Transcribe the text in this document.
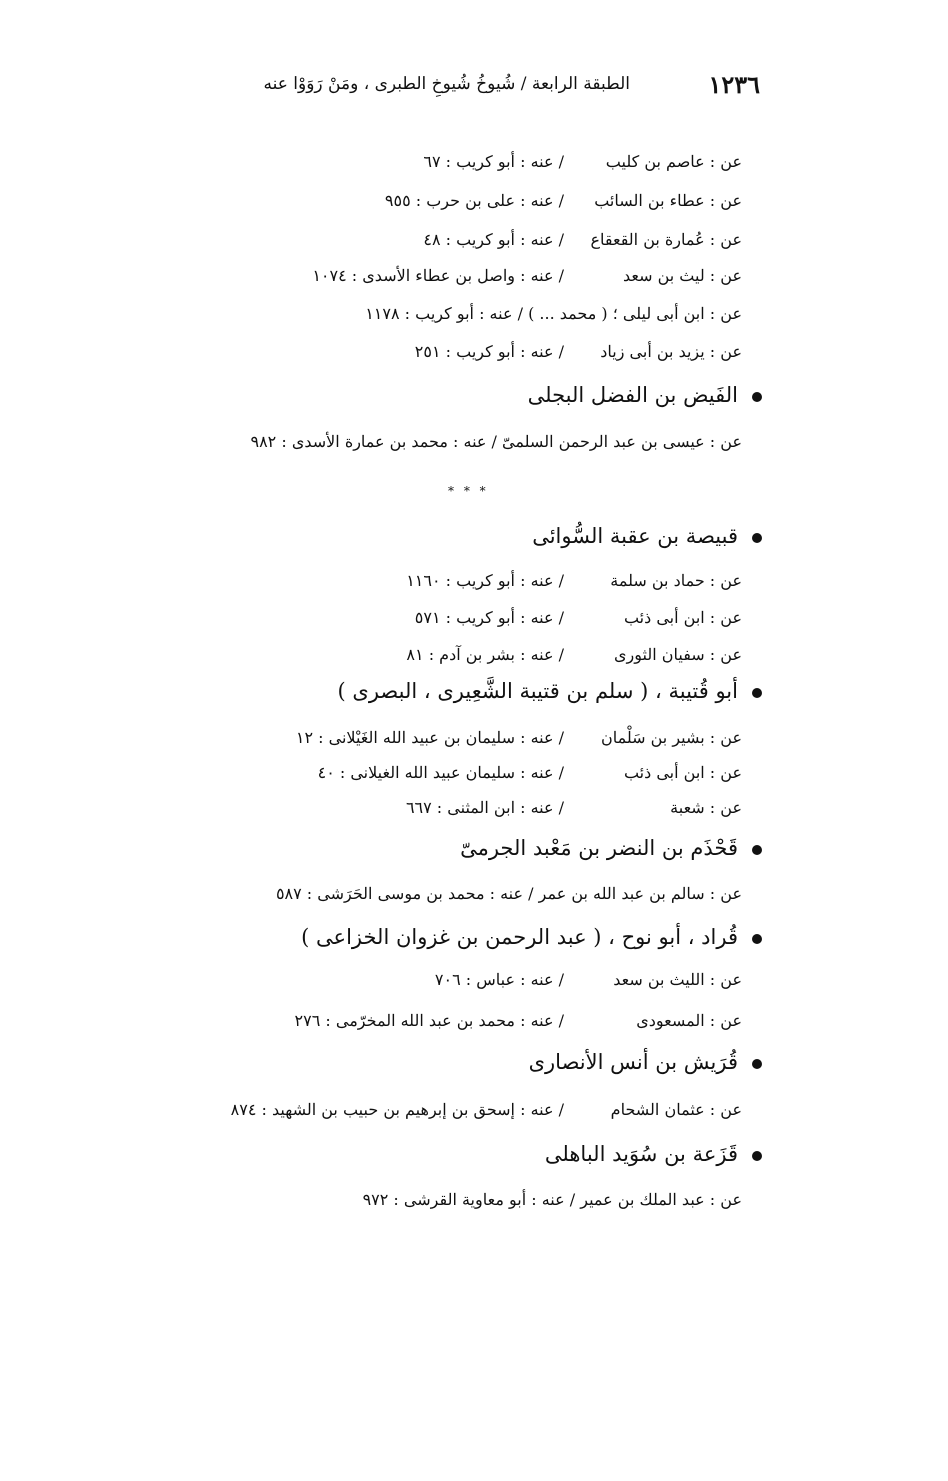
١٢٣٦
الطبقة الرابعة / شُيوخُ شُيوخِ الطبرى ، ومَنْ رَوَوْا عنه
عن : عاصم بن كليب/ عنه : أبو كريب : ٦٧
عن : عطاء بن السائب/ عنه : على بن حرب : ٩٥٥
عن : عُمارة بن القعقاع/ عنه : أبو كريب : ٤٨
عن : ليث بن سعد/ عنه : واصل بن عطاء الأسدى : ١٠٧٤
عن : ابن أبى ليلى ؛ ( محمد ... ) / عنه : أبو كريب : ١١٧٨
عن : يزيد بن أبى زياد/ عنه : أبو كريب : ٢٥١
الفَيض بن الفضل البجلى
عن : عيسى بن عبد الرحمن السلمىّ / عنه : محمد بن عمارة الأسدى : ٩٨٢
* * *
قبيصة بن عقبة السُّوائى
عن : حماد بن سلمة/ عنه : أبو كريب : ١١٦٠
عن : ابن أبى ذئب/ عنه : أبو كريب : ٥٧١
عن : سفيان الثورى/ عنه : بشر بن آدم : ٨١
أبو قُتيبة ، ( سلم بن قتيبة الشَّعِيرى ، البصرى )
عن : بشير بن سَلْمان/ عنه : سليمان بن عبيد الله الغَيْلانى : ١٢
عن : ابن أبى ذئب/ عنه : سليمان عبيد الله الغيلانى : ٤٠
عن : شعبة/ عنه : ابن المثنى : ٦٦٧
قَحْذَم بن النضر بن مَعْبد الجرمىّ
عن : سالم بن عبد الله بن عمر / عنه : محمد بن موسى الحَرَشى : ٥٨٧
قُراد ، أبو نوح ، ( عبد الرحمن بن غزوان الخزاعى )
عن : الليث بن سعد/ عنه : عباس : ٧٠٦
عن : المسعودى/ عنه : محمد بن عبد الله المخرّمى : ٢٧٦
قُرَيش بن أنس الأنصارى
عن : عثمان الشحام/ عنه : إسحق بن إبرهيم بن حبيب بن الشهيد : ٨٧٤
قَزَعة بن سُوَيد الباهلى
عن : عبد الملك بن عمير / عنه : أبو معاوية القرشى : ٩٧٢
